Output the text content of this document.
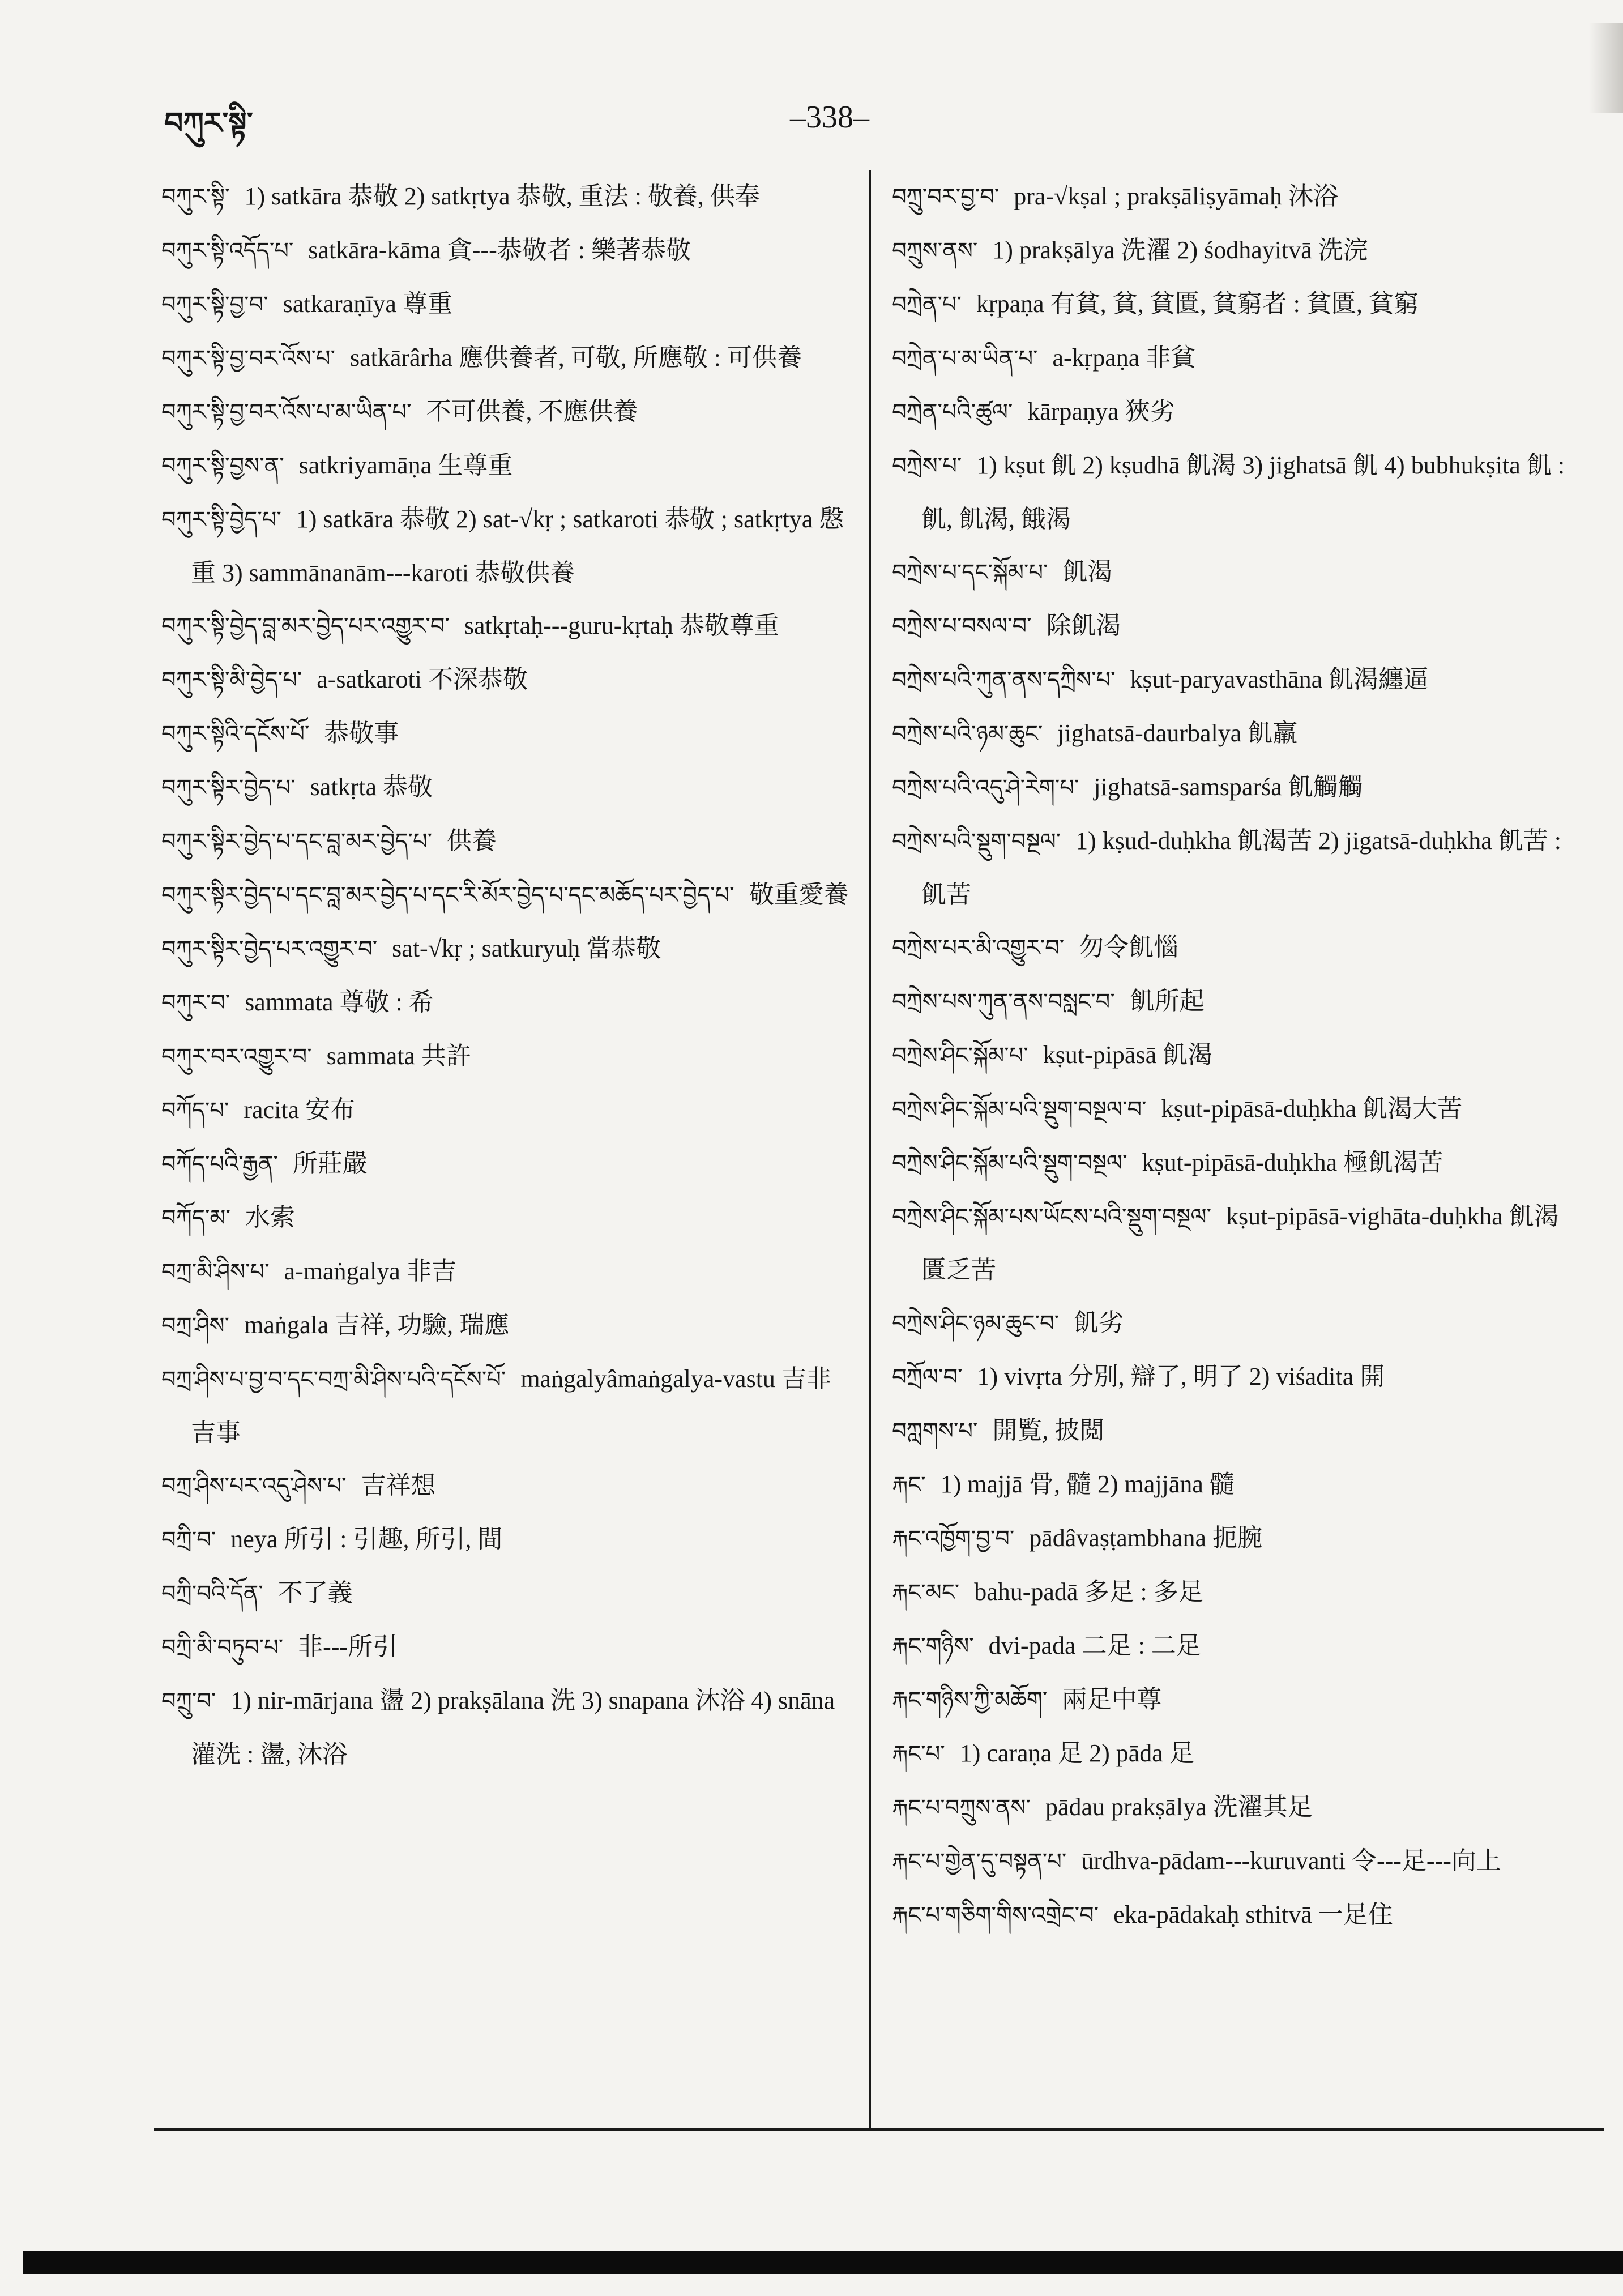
བཀུར་སྟི་	–338–
བཀུར་སྟི་ 1) satkāra 恭敬 2) satkṛtya 恭敬, 重法 : 敬養, 供奉
བཀུར་སྟི་འདོད་པ་ satkāra-kāma 貪---恭敬者 : 樂著恭敬
བཀུར་སྟི་བྱ་བ་ satkaraṇīya 尊重
བཀུར་སྟི་བྱ་བར་འོས་པ་ satkārârha 應供養者, 可敬, 所應敬 : 可供養
བཀུར་སྟི་བྱ་བར་འོས་པ་མ་ཡིན་པ་ 不可供養, 不應供養
བཀུར་སྟི་བྱས་ན་ satkriyamāṇa 生尊重
བཀུར་སྟི་བྱེད་པ་ 1) satkāra 恭敬 2) sat-√kṛ ; satkaroti 恭敬 ; satkṛtya 慇重 3) sammānanām---karoti 恭敬供養
བཀུར་སྟི་བྱེད་བླ་མར་བྱེད་པར་འགྱུར་བ་ satkṛtaḥ---guru-kṛtaḥ 恭敬尊重
བཀུར་སྟི་མི་བྱེད་པ་ a-satkaroti 不深恭敬
བཀུར་སྟིའི་དངོས་པོ་ 恭敬事
བཀུར་སྟིར་བྱེད་པ་ satkṛta 恭敬
བཀུར་སྟིར་བྱེད་པ་དང་བླ་མར་བྱེད་པ་ 供養
བཀུར་སྟིར་བྱེད་པ་དང་བླ་མར་བྱེད་པ་དང་རི་མོར་བྱེད་པ་དང་མཆོད་པར་བྱེད་པ་ 敬重愛養
བཀུར་སྟིར་བྱེད་པར་འགྱུར་བ་ sat-√kṛ ; satkuryuḥ 當恭敬
བཀུར་བ་ sammata 尊敬 : 希
བཀུར་བར་འགྱུར་བ་ sammata 共許
བཀོད་པ་ racita 安布
བཀོད་པའི་རྒྱན་ 所莊嚴
བཀོད་མ་ 水索
བཀྲ་མི་ཤིས་པ་ a-maṅgalya 非吉
བཀྲ་ཤིས་ maṅgala 吉祥, 功驗, 瑞應
བཀྲ་ཤིས་པ་བྱ་བ་དང་བཀྲ་མི་ཤིས་པའི་དངོས་པོ་ maṅgalyâmaṅgalya-vastu 吉非吉事
བཀྲ་ཤིས་པར་འདུ་ཤེས་པ་ 吉祥想
བཀྲི་བ་ neya 所引 : 引趣, 所引, 間
བཀྲི་བའི་དོན་ 不了義
བཀྲི་མི་བཏུབ་པ་ 非---所引
བཀྲུ་བ་ 1) nir-mārjana 盪 2) prakṣālana 洗 3) snapana 沐浴 4) snāna 灌洗 : 盪, 沐浴
བཀྲུ་བར་བྱ་བ་ pra-√kṣal ; prakṣāliṣyāmaḥ 沐浴
བཀྲུས་ནས་ 1) prakṣālya 洗濯 2) śodhayitvā 洗浣
བཀྲེན་པ་ kṛpaṇa 有貧, 貧, 貧匱, 貧窮者 : 貧匱, 貧窮
བཀྲེན་པ་མ་ཡིན་པ་ a-kṛpaṇa 非貧
བཀྲེན་པའི་ཚུལ་ kārpaṇya 狹劣
བཀྲེས་པ་ 1) kṣut 飢 2) kṣudhā 飢渴 3) jighatsā 飢 4) bubhukṣita 飢 : 飢, 飢渴, 餓渴
བཀྲེས་པ་དང་སྐོམ་པ་ 飢渴
བཀྲེས་པ་བསལ་བ་ 除飢渴
བཀྲེས་པའི་ཀུན་ནས་དཀྲིས་པ་ kṣut-paryavasthāna 飢渴纏逼
བཀྲེས་པའི་ཉམ་ཆུང་ jighatsā-daurbalya 飢羸
བཀྲེས་པའི་འདུ་ཤེ་རེག་པ་ jighatsā-samsparśa 飢觸觸
བཀྲེས་པའི་སྡུག་བསྔལ་ 1) kṣud-duḥkha 飢渴苦 2) jigatsā-duḥkha 飢苦 : 飢苦
བཀྲེས་པར་མི་འགྱུར་བ་ 勿令飢惱
བཀྲེས་པས་ཀུན་ནས་བསླང་བ་ 飢所起
བཀྲེས་ཤིང་སྐོམ་པ་ kṣut-pipāsā 飢渴
བཀྲེས་ཤིང་སྐོམ་པའི་སྡུག་བསྔལ་བ་ kṣut-pipāsā-duḥkha 飢渴大苦
བཀྲེས་ཤིང་སྐོམ་པའི་སྡུག་བསྔལ་ kṣut-pipāsā-duḥkha 極飢渴苦
བཀྲེས་ཤིང་སྐོམ་པས་ཡོངས་པའི་སྡུག་བསྔལ་ kṣut-pipāsā-vighāta-duḥkha 飢渴匱乏苦
བཀྲེས་ཤིང་ཉམ་ཆུང་བ་ 飢劣
བཀྲོལ་བ་ 1) vivṛta 分別, 辯了, 明了 2) viśadita 開
བཀླགས་པ་ 開覧, 披閲
རྐང་ 1) majjā 骨, 髓 2) majjāna 髓
རྐང་འཁྱོག་བྱ་བ་ pādâvaṣṭambhana 扼腕
རྐང་མང་ bahu-padā 多足 : 多足
རྐང་གཉིས་ dvi-pada 二足 : 二足
རྐང་གཉིས་ཀྱི་མཆོག་ 兩足中尊
རྐང་པ་ 1) caraṇa 足 2) pāda 足
རྐང་པ་བཀྲུས་ནས་ pādau prakṣālya 洗濯其足
རྐང་པ་གྱེན་དུ་བསྟན་པ་ ūrdhva-pādam---kuruvanti 令---足---向上
རྐང་པ་གཅིག་གིས་འགྲེང་བ་ eka-pādakaḥ sthitvā 一足住
